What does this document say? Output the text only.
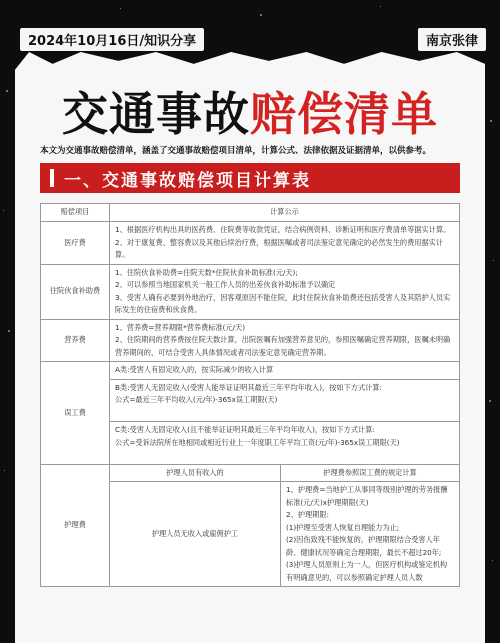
2024年10月16日/知识分享	南京张律
交通事故赔偿清单
本文为交通事故赔偿清单，涵盖了交通事故赔偿项目清单，计算公式、法律依据及证据清单，以供参考。
一、交通事故赔偿项目计算表
赔偿项目	计算公示	
医疗费	1、根据医疗机构出具的医药费、住院费等收款凭证，结合病例资料、诊断证明和医疗费清单等据实计算。

2、对于康复费、整容费以及其他后续治疗费，根据医嘱或者司法鉴定意见确定的必然发生的费用据实计算。	

住院伙食补助费	1、住院伙食补助费=住院天数*住院伙食补助标准(元/天);

2、可以参照当地国家机关一般工作人员的出差伙食补助标准予以确定

3、受害人确有必要到外地治疗，因客观原因不能住院，此时住院伙食补助费还包括受害人及其陪护人员实际发生的住宿费和伙食费。	

营养费	1、营养费=营养期限*营养费标准(元/天)

2、住院期间的营养费按住院天数计算，出院医嘱有加强营养意见的，参照医嘱确定营养期限，医嘱未明确营养期间的，可结合受害人具体情况或者司法鉴定意见确定营养期。	

误工费	A类:受害人有固定收入的，按实际减少的收入计算	

	B类:受害人无固定收入(受害人能举证证明其最近三年平均年收入)，按如下方式计算:

公式=最近三年平均收入(元/年)-365x误工期限(天)	

	C类:受害人无固定收入(且不能举证证明其最近三年平均年收入)，按如下方式计算:

公式=受诉法院所在地相同或相近行业上一年度职工年平均工资(元/年)-365x误工期限(天)	

护理费	护理人员有收入的	护理费参照误工费的规定计算
	护理人员无收入或雇佣护工	1、护理费=当地护工从事同等级别护理的劳务报酬标准(元/天)x护理期限(天)

2、护理期限:

(1)护理至受害人恢复自理能力为止;

(2)因伤致残不能恢复的，护理期限结合受害人年龄、健康状况等确定合理期限，最长不超过20年;

(3)护理人员原则上为一人，但医疗机构或鉴定机构有明确意见的，可以参照确定护理人员人数
